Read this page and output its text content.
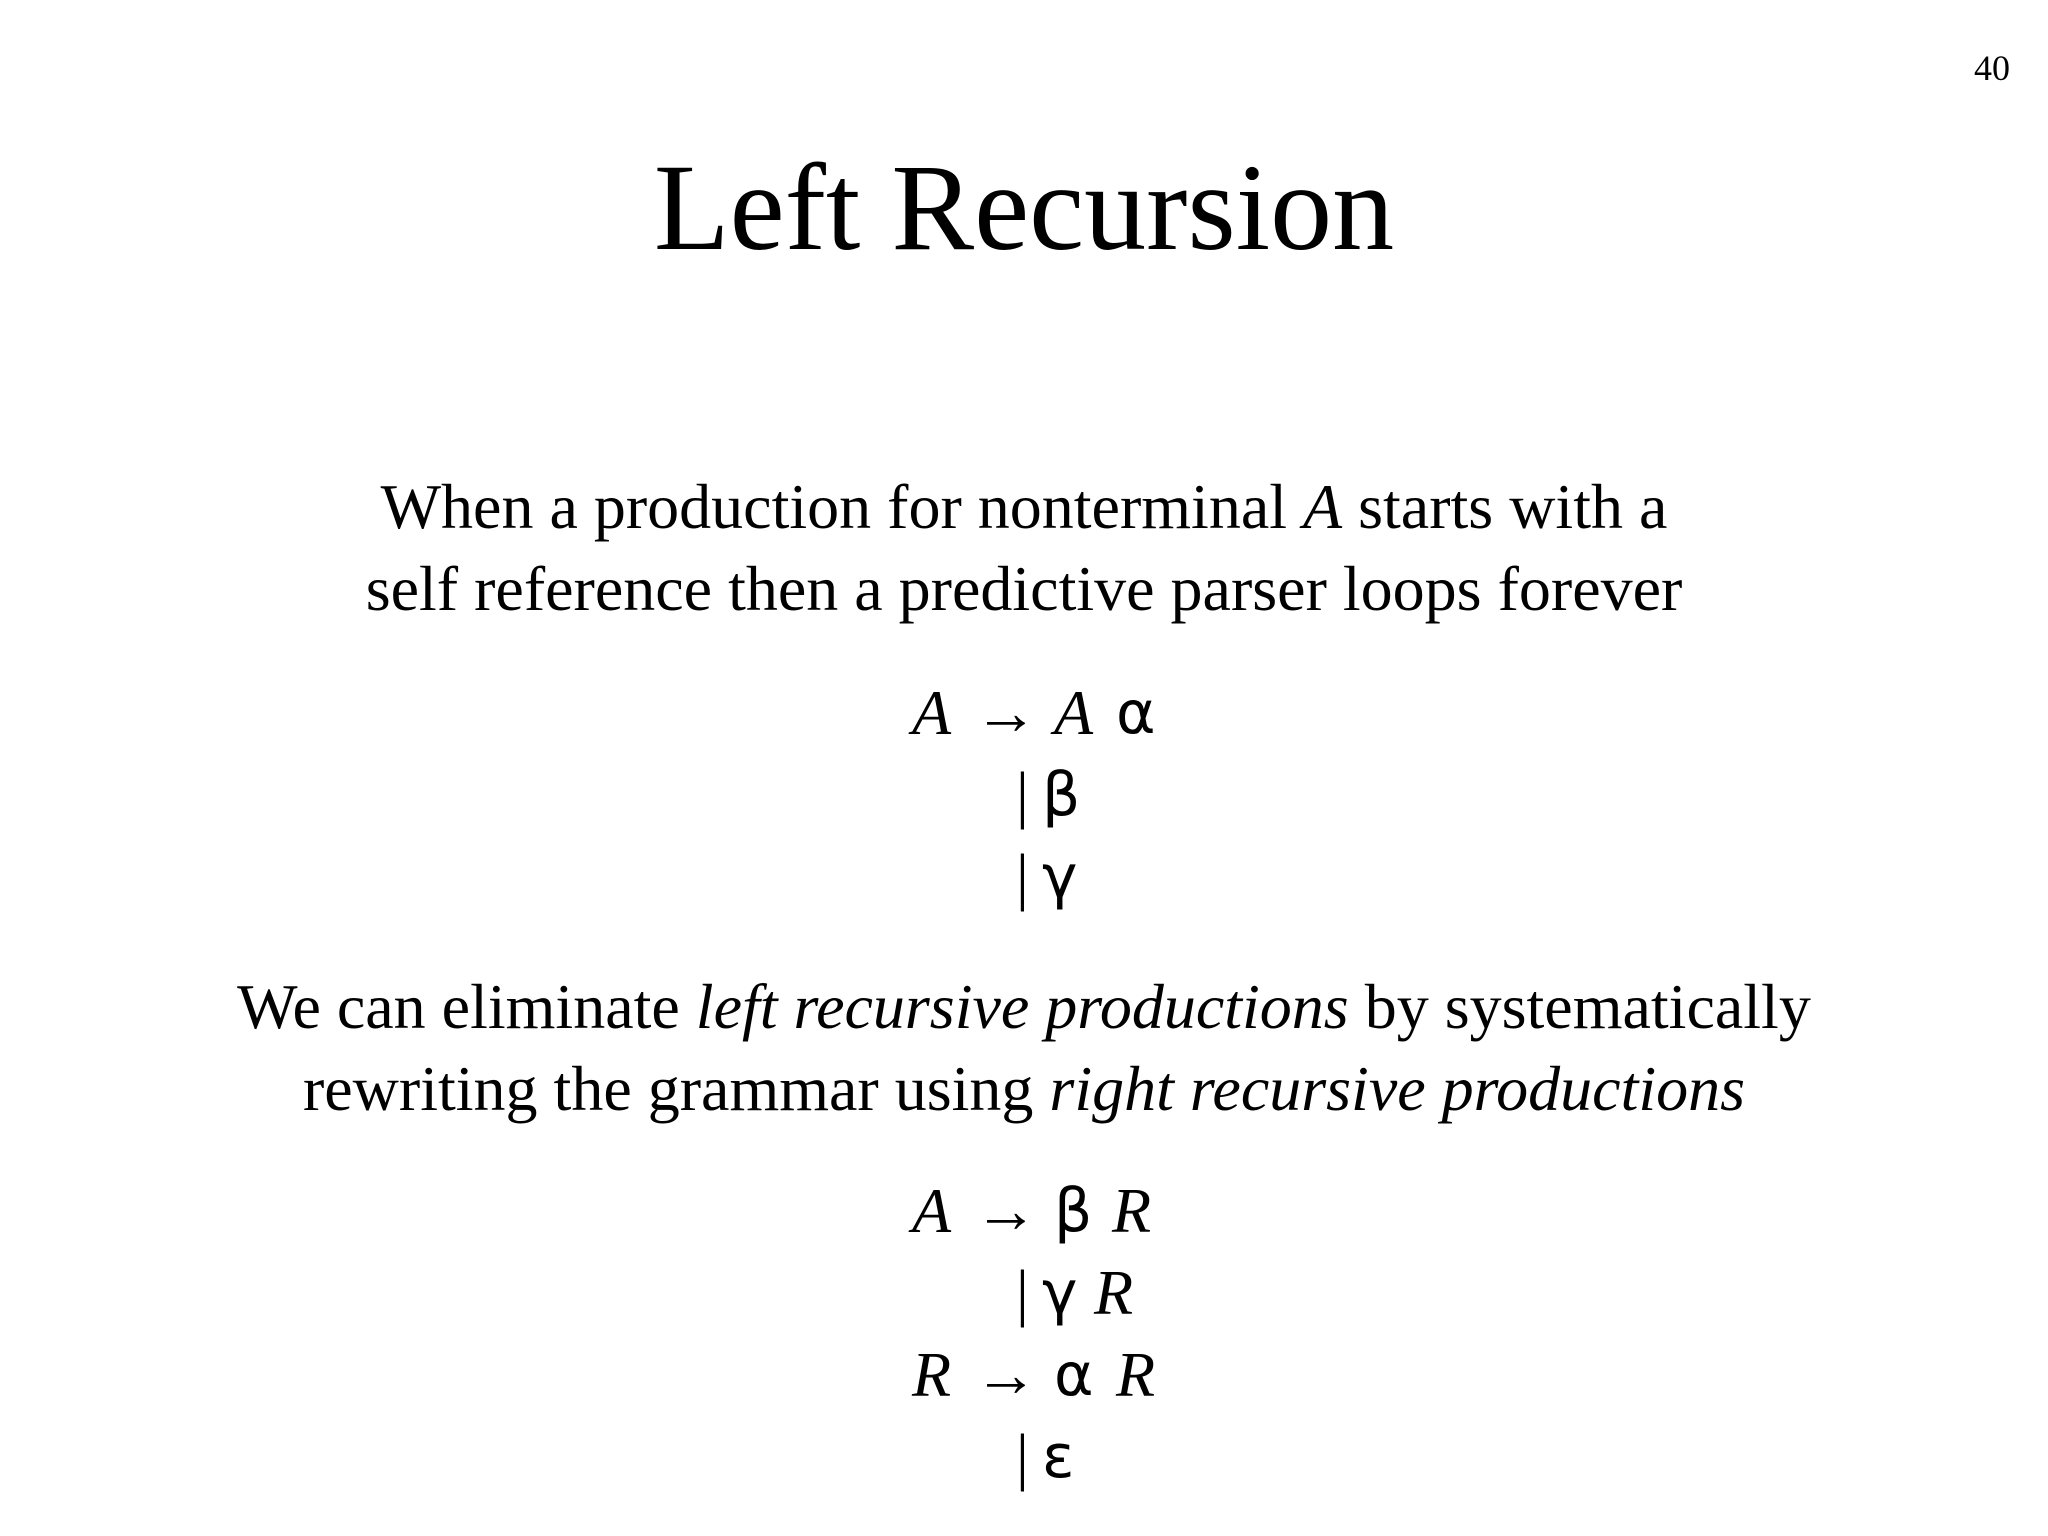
40
Left Recursion
When a production for nonterminal A starts with a
self reference then a predictive parser loops forever
A → A α
| β
| γ
We can eliminate left recursive productions by systematically
rewriting the grammar using right recursive productions
A → β R
| γ R
R → α R
| ε
